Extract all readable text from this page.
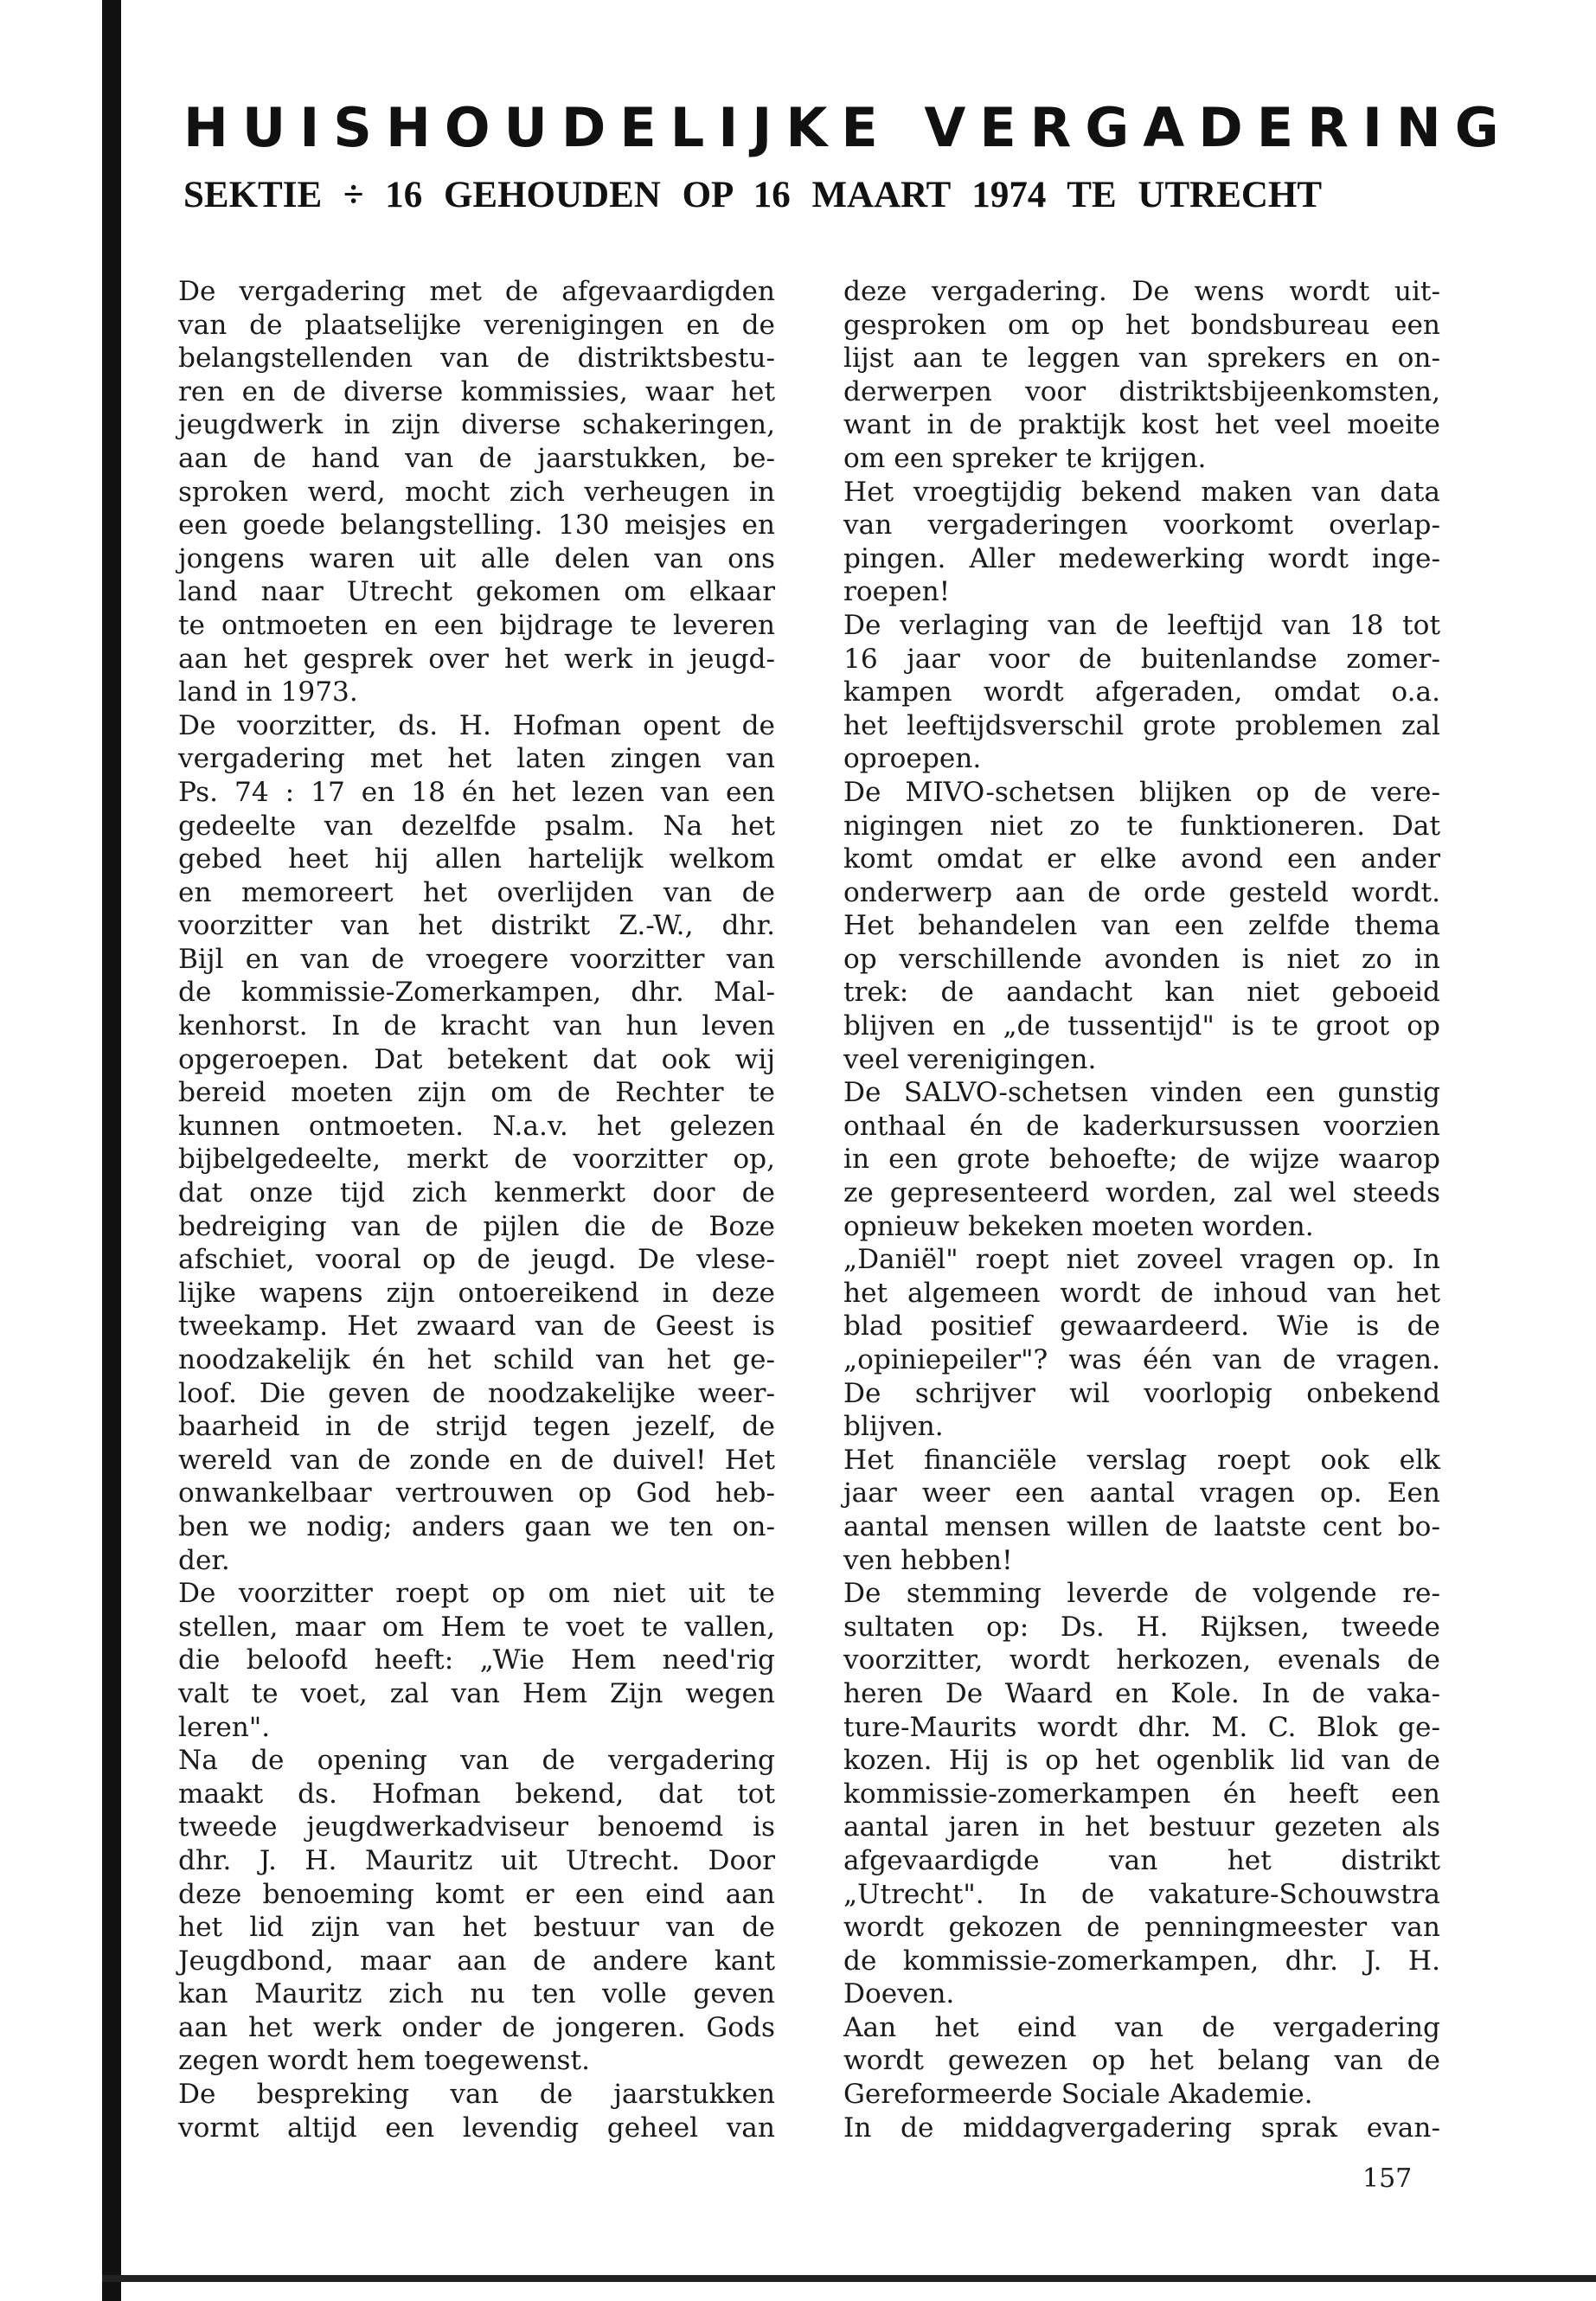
HUISHOUDELIJKE VERGADERING
SEKTIE ÷ 16 GEHOUDEN OP 16 MAART 1974 TE UTRECHT

De vergadering met de afgevaardigden

van de plaatselijke verenigingen en de

belangstellenden van de distriktsbestu-

ren en de diverse kommissies, waar het

jeugdwerk in zijn diverse schakeringen,

aan de hand van de jaarstukken, be-

sproken werd, mocht zich verheugen in

een goede belangstelling. 130 meisjes en

jongens waren uit alle delen van ons

land naar Utrecht gekomen om elkaar

te ontmoeten en een bijdrage te leveren

aan het gesprek over het werk in jeugd-

land in 1973.

De voorzitter, ds. H. Hofman opent de

vergadering met het laten zingen van

Ps. 74 : 17 en 18 én het lezen van een

gedeelte van dezelfde psalm. Na het

gebed heet hij allen hartelijk welkom

en memoreert het overlijden van de

voorzitter van het distrikt Z.-W., dhr.

Bijl en van de vroegere voorzitter van

de kommissie-Zomerkampen, dhr. Mal-

kenhorst. In de kracht van hun leven

opgeroepen. Dat betekent dat ook wij

bereid moeten zijn om de Rechter te

kunnen ontmoeten. N.a.v. het gelezen

bijbelgedeelte, merkt de voorzitter op,

dat onze tijd zich kenmerkt door de

bedreiging van de pijlen die de Boze

afschiet, vooral op de jeugd. De vlese-

lijke wapens zijn ontoereikend in deze

tweekamp. Het zwaard van de Geest is

noodzakelijk én het schild van het ge-

loof. Die geven de noodzakelijke weer-

baarheid in de strijd tegen jezelf, de

wereld van de zonde en de duivel! Het

onwankelbaar vertrouwen op God heb-

ben we nodig; anders gaan we ten on-

der.

De voorzitter roept op om niet uit te

stellen, maar om Hem te voet te vallen,

die beloofd heeft: „Wie Hem need'rig

valt te voet, zal van Hem Zijn wegen

leren".

Na de opening van de vergadering

maakt ds. Hofman bekend, dat tot

tweede jeugdwerkadviseur benoemd is

dhr. J. H. Mauritz uit Utrecht. Door

deze benoeming komt er een eind aan

het lid zijn van het bestuur van de

Jeugdbond, maar aan de andere kant

kan Mauritz zich nu ten volle geven

aan het werk onder de jongeren. Gods

zegen wordt hem toegewenst.

De bespreking van de jaarstukken

vormt altijd een levendig geheel van

deze vergadering. De wens wordt uit-

gesproken om op het bondsbureau een

lijst aan te leggen van sprekers en on-

derwerpen voor distriktsbijeenkomsten,

want in de praktijk kost het veel moeite

om een spreker te krijgen.

Het vroegtijdig bekend maken van data

van vergaderingen voorkomt overlap-

pingen. Aller medewerking wordt inge-

roepen!

De verlaging van de leeftijd van 18 tot

16 jaar voor de buitenlandse zomer-

kampen wordt afgeraden, omdat o.a.

het leeftijdsverschil grote problemen zal

oproepen.

De MIVO-schetsen blijken op de vere-

nigingen niet zo te funktioneren. Dat

komt omdat er elke avond een ander

onderwerp aan de orde gesteld wordt.

Het behandelen van een zelfde thema

op verschillende avonden is niet zo in

trek: de aandacht kan niet geboeid

blijven en „de tussentijd" is te groot op

veel verenigingen.

De SALVO-schetsen vinden een gunstig

onthaal én de kaderkursussen voorzien

in een grote behoefte; de wijze waarop

ze gepresenteerd worden, zal wel steeds

opnieuw bekeken moeten worden.

„Daniël" roept niet zoveel vragen op. In

het algemeen wordt de inhoud van het

blad positief gewaardeerd. Wie is de

„opiniepeiler"? was één van de vragen.

De schrijver wil voorlopig onbekend

blijven.

Het financiële verslag roept ook elk

jaar weer een aantal vragen op. Een

aantal mensen willen de laatste cent bo-

ven hebben!

De stemming leverde de volgende re-

sultaten op: Ds. H. Rijksen, tweede

voorzitter, wordt herkozen, evenals de

heren De Waard en Kole. In de vaka-

ture-Maurits wordt dhr. M. C. Blok ge-

kozen. Hij is op het ogenblik lid van de

kommissie-zomerkampen én heeft een

aantal jaren in het bestuur gezeten als

afgevaardigde van het distrikt

„Utrecht". In de vakature-Schouwstra

wordt gekozen de penningmeester van

de kommissie-zomerkampen, dhr. J. H.

Doeven.

Aan het eind van de vergadering

wordt gewezen op het belang van de

Gereformeerde Sociale Akademie.

In de middagvergadering sprak evan-

157
